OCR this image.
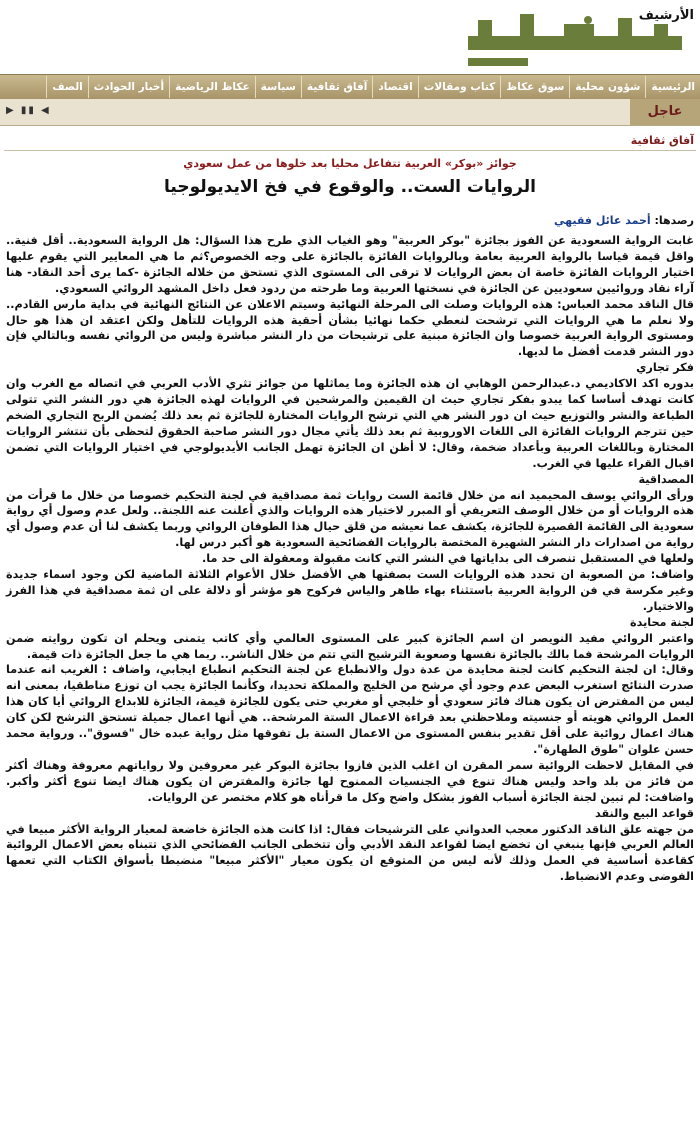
الأرشيف
الرئيسية
شؤون محلية
سوق عكاظ
كتاب ومقالات
اقتصاد
آفاق ثقافية
سياسة
عكاظ الرياضية
أخبار الحوادث
الصف
عاجل
◀ ▮▮ ▶
آفاق ثقافية
جوائز «بوكر» العربية تتفاعل محليا بعد خلوها من عمل سعودي
الروايات الست.. والوقوع في فخ الايديولوجيا
رصدها: أحمد عائل فقيهي

غابت الرواية السعودية عن الفوز بجائزة "بوكر العربية" وهو الغياب الذي طرح هذا السؤال: هل الرواية السعودية.. أقل فنية.. واقل قيمة قياسا بالرواية العربية بعامة وبالروايات الفائزة بالجائزة على وجه الخصوص؟ثم ما هي المعايير التي يقوم عليها اختيار الروايات الفائزة خاصة ان بعض الروايات لا ترقى الى المستوى الذي تستحق من خلاله الجائزة -كما يرى أحد النقاد- هنا آراء نقاد وروائيين سعوديين عن الجائزة في نسختها العربية وما طرحته من ردود فعل داخل المشهد الروائي السعودي.

قال الناقد محمد العباس: هذه الروايات وصلت الى المرحلة النهائية وسيتم الاعلان عن النتائج النهائية في بداية مارس القادم.. ولا نعلم ما هي الروايات التي ترشحت لنعطي حكما نهائيا بشأن أحقية هذه الروايات للتأهل ولكن اعتقد ان هذا هو حال ومستوى الرواية العربية خصوصا وان الجائزة مبنية على ترشيحات من دار النشر مباشرة وليس من الروائي نفسه وبالتالي فإن دور النشر قدمت أفضل ما لديها.

فكر تجاري

بدوره اكد الاكاديمي د.عبدالرحمن الوهابي ان هذه الجائزة وما يماثلها من جوائز تثري الأدب العربي في اتصاله مع الغرب وان كانت تهدف أساسا كما يبدو بفكر تجاري حيث ان القيمين والمرشحين في الروايات لهذه الجائزة هي دور النشر التي تتولى الطباعة والنشر والتوزيع حيث ان دور النشر هي التي ترشح الروايات المختارة للجائزة ثم بعد ذلك يُضمن الربح التجاري الضخم حين تترجم الروايات الفائزة الى اللغات الاوروبية ثم بعد ذلك يأتي مجال دور النشر صاحبة الحقوق لتحظى بأن تنتشر الروايات المختارة وباللغات العربية وبأعداد ضخمة، وقال: لا أظن ان الجائزة تهمل الجانب الأيديولوجي في اختيار الروايات التي تضمن اقبال القراء عليها في الغرب.

المصداقية

ورأى الروائي يوسف المحيميد انه من خلال قائمة الست روايات ثمة مصداقية في لجنة التحكيم خصوصا من خلال ما قرأت من هذه الروايات أو من خلال الوصف التعريفي أو المبرر لاختيار هذه الروايات والذي أعلنت عنه اللجنة.. ولعل عدم وصول أي رواية سعودية الى القائمة القصيرة للجائزة، يكشف عما نعيشه من قلق حيال هذا الطوفان الروائي وربما يكشف لنا أن عدم وصول أي رواية من اصدارات دار النشر الشهيرة المختصة بالروايات الفضائحية السعودية هو أكبر درس لها.

ولعلها في المستقبل تنصرف الى بداياتها في النشر التي كانت مقبولة ومعقولة الى حد ما.

واضاف: من الصعوبة ان تحدد هذه الروايات الست بصفتها هي الأفضل خلال الأعوام الثلاثة الماضية لكن وجود اسماء جديدة وغير مكرسة في فن الرواية العربية باستثناء بهاء طاهر والياس فركوح هو مؤشر أو دلالة على ان ثمة مصداقية في هذا الفرز والاختيار.

لجنة محايدة

واعتبر الروائي مفيد النويصر ان اسم الجائزة كبير على المستوى العالمي وأي كاتب يتمنى ويحلم ان تكون روايته ضمن الروايات المرشحة فما بالك بالجائزة نفسها وصعوبة الترشيح التي تتم من خلال الناشر.. ربما هي ما جعل الجائزة ذات قيمة.

وقال: ان لجنة التحكيم كانت لجنة محايدة من عدة دول والانطباع عن لجنة التحكيم انطباع ايجابي، واضاف : الغريب انه عندما صدرت النتائج استغرب البعض عدم وجود أي مرشح من الخليج والمملكة تحديدا، وكأنما الجائزة يجب ان توزع مناطقيا، بمعنى انه ليس من المفترض ان يكون هناك فائز سعودي أو خليجي أو مغربي حتى يكون للجائزة قيمة، الجائزة للابداع الروائي أيا كان هذا العمل الروائي هويته أو جنسيته وملاحظتي بعد قراءة الاعمال الستة المرشحة.. هي أنها اعمال جميلة تستحق الترشح لكن كان هناك اعمال روائية على أقل تقدير بنفس المستوى من الاعمال الستة بل تفوقها مثل رواية عبده خال "فسوق".. ورواية محمد حسن علوان "طوق الطهارة".

في المقابل لاحظت الروائية سمر المقرن ان اغلب الذين فازوا بجائزة البوكر غير معروفين ولا رواياتهم معروفة وهناك أكثر من فائز من بلد واحد وليس هناك تنوع في الجنسيات الممنوح لها جائزة والمفترض ان يكون هناك ايضا تنوع أكثر وأكبر. واضافت: لم تبين لجنة الجائزة أسباب الفوز بشكل واضح وكل ما قرأناه هو كلام مختصر عن الروايات.

قواعد البيع والنقد

من جهته علق الناقد الدكتور معجب العدواني على الترشيحات فقال: اذا كانت هذه الجائزة خاضعة لمعيار الرواية الأكثر مبيعا في العالم العربي فإنها ينبغي ان تخضع ايضا لقواعد النقد الأدبي وأن تتخطى الجانب الفضائحي الذي تتبناه بعض الاعمال الروائية كقاعدة أساسية في العمل وذلك لأنه ليس من المتوقع ان يكون معيار "الأكثر مبيعا" منضبطا بأسواق الكتاب التي تعمها الفوضى وعدم الانضباط.
